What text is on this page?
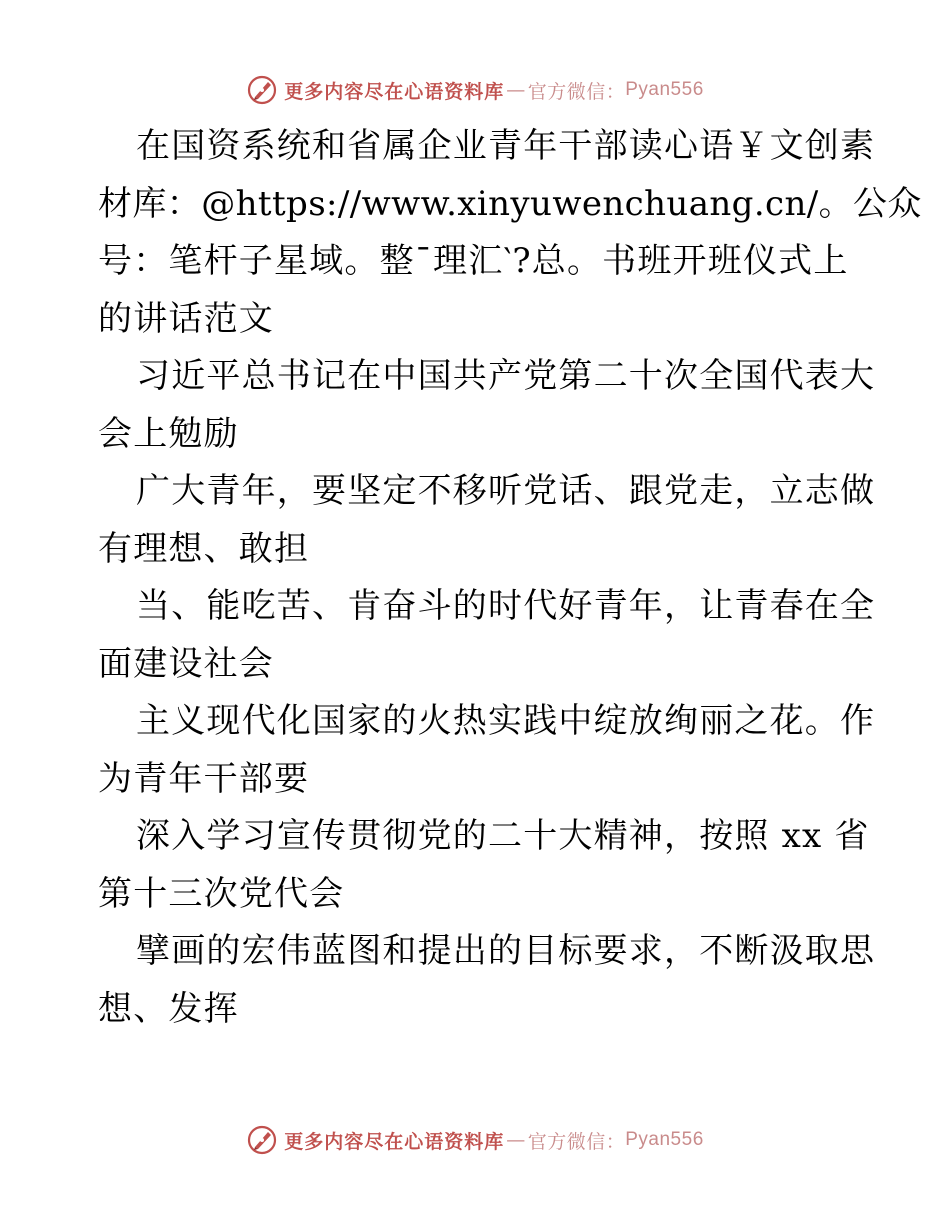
更多内容尽在心语资料库 — 官方微信： Pyan556
在国资系统和省属企业青年干部读心语￥文创素
材库：@https://www.xinyuwenchuang.cn/。公众
号：笔杆子星域。整¯理汇‵?总。书班开班仪式上
的讲话范文
习近平总书记在中国共产党第二十次全国代表大
会上勉励
广大青年，要坚定不移听党话、跟党走，立志做
有理想、敢担
当、能吃苦、肯奋斗的时代好青年，让青春在全
面建设社会
主义现代化国家的火热实践中绽放绚丽之花。作
为青年干部要
深入学习宣传贯彻党的二十大精神，按照 xx 省
第十三次党代会
擘画的宏伟蓝图和提出的目标要求，不断汲取思
想、发挥
更多内容尽在心语资料库 — 官方微信： Pyan556
